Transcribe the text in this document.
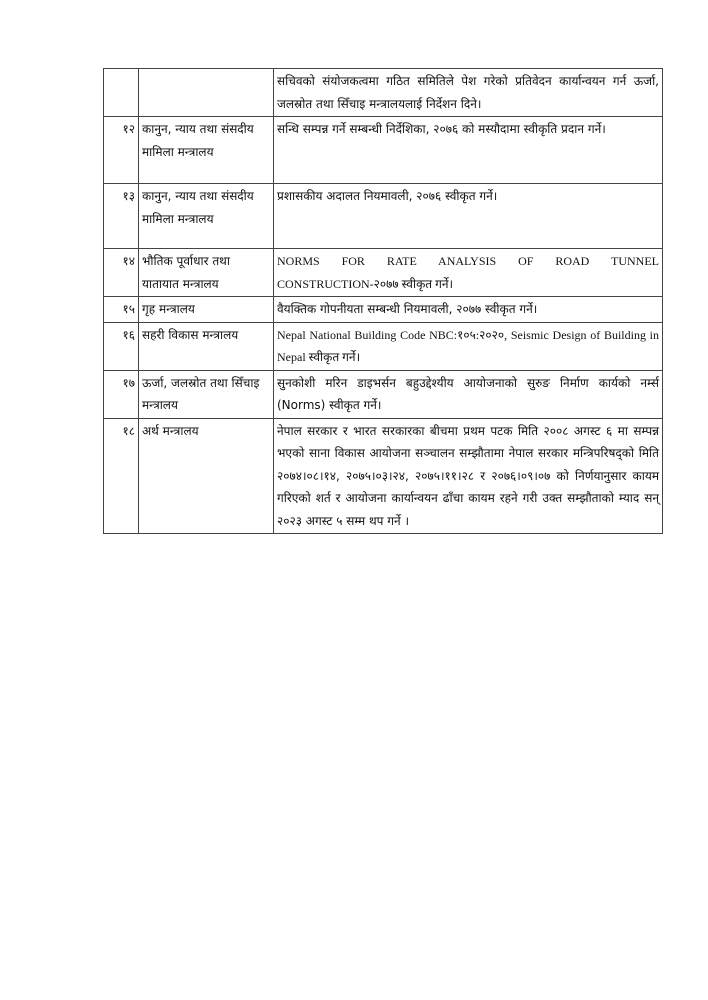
		सचिवको संयोजकत्वमा गठित समितिले पेश गरेको प्रतिवेदन कार्यान्वयन गर्न ऊर्जा, जलस्रोत तथा सिँचाइ मन्त्रालयलाई निर्देशन दिने।
१२	कानुन, न्याय तथा संसदीय मामिला मन्त्रालय	सन्धि सम्पन्न गर्ने सम्बन्धी निर्देशिका, २०७६ को मस्यौदामा स्वीकृति प्रदान गर्ने।
१३	कानुन, न्याय तथा संसदीय मामिला मन्त्रालय	प्रशासकीय अदालत नियमावली, २०७६ स्वीकृत गर्ने।
१४	भौतिक पूर्वाधार तथा यातायात मन्त्रालय	NORMS FOR RATE ANALYSIS OF ROAD TUNNEL CONSTRUCTION-२०७७ स्वीकृत गर्ने।
१५	गृह मन्त्रालय	वैयक्तिक गोपनीयता सम्बन्धी नियमावली, २०७७ स्वीकृत गर्ने।
१६	सहरी विकास मन्त्रालय	Nepal National Building Code NBC:१०५:२०२०, Seismic Design of Building in Nepal स्वीकृत गर्ने।
१७	ऊर्जा, जलस्रोत तथा सिँचाइ मन्त्रालय	सुनकोशी मरिन डाइभर्सन बहुउद्देश्यीय आयोजनाको सुरुङ निर्माण कार्यको नर्म्स (Norms) स्वीकृत गर्ने।
१८	अर्थ मन्त्रालय	नेपाल सरकार र भारत सरकारका बीचमा प्रथम पटक मिति २००८ अगस्ट ६ मा सम्पन्न भएको साना विकास आयोजना सञ्चालन सम्झौतामा नेपाल सरकार मन्त्रिपरिषद्को मिति २०७४।०८।१४, २०७५।०३।२४, २०७५।११।२८ र २०७६।०९।०७ को निर्णयानुसार कायम गरिएको शर्त र आयोजना कार्यान्वयन ढाँचा कायम रहने गरी उक्त सम्झौताको म्याद सन् २०२३ अगस्ट ५ सम्म थप गर्ने ।
